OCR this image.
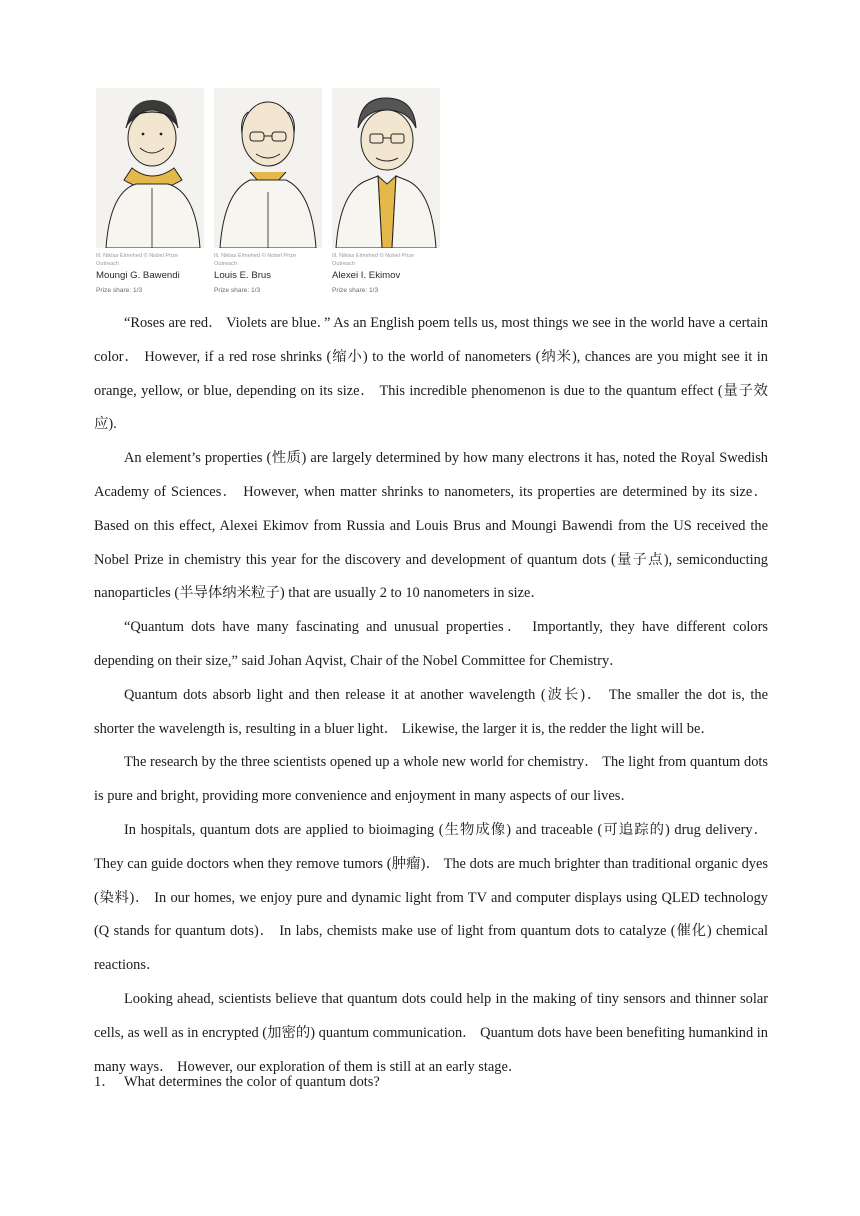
Ill. Niklas Elmehed © Nobel Prize
Outreach
Moungi G. Bawendi
Prize share: 1/3
Ill. Niklas Elmehed © Nobel Prize
Outreach
Louis E. Brus
Prize share: 1/3
Ill. Niklas Elmehed © Nobel Prize
Outreach
Alexei I. Ekimov
Prize share: 1/3

“Roses are red． Violets are blue．” As an English poem tells us, most things we see in the world have a certain color． However, if a red rose shrinks (缩小) to the world of nanometers (纳米), chances are you might see it in orange, yellow, or blue, depending on its size． This incredible phenomenon is due to the quantum effect (量子效应).

An element’s properties (性质) are largely determined by how many electrons it has, noted the Royal Swedish Academy of Sciences． However, when matter shrinks to nanometers, its properties are determined by its size． Based on this effect, Alexei Ekimov from Russia and Louis Brus and Moungi Bawendi from the US received the Nobel Prize in chemistry this year for the discovery and development of quantum dots (量子点), semiconducting nanoparticles (半导体纳米粒子) that are usually 2 to 10 nanometers in size．

“Quantum dots have many fascinating and unusual properties． Importantly, they have different colors depending on their size,” said Johan Aqvist, Chair of the Nobel Committee for Chemistry．

Quantum dots absorb light and then release it at another wavelength (波长)． The smaller the dot is, the shorter the wavelength is, resulting in a bluer light． Likewise, the larger it is, the redder the light will be．

The research by the three scientists opened up a whole new world for chemistry． The light from quantum dots is pure and bright, providing more convenience and enjoyment in many aspects of our lives．

In hospitals, quantum dots are applied to bioimaging (生物成像) and traceable (可追踪的) drug delivery． They can guide doctors when they remove tumors (肿瘤)． The dots are much brighter than traditional organic dyes (染料)． In our homes, we enjoy pure and dynamic light from TV and computer displays using QLED technology (Q stands for quantum dots)． In labs, chemists make use of light from quantum dots to catalyze (催化) chemical reactions．

Looking ahead, scientists believe that quantum dots could help in the making of tiny sensors and thinner solar cells, as well as in encrypted (加密的) quantum communication． Quantum dots have been benefiting humankind in many ways． However, our exploration of them is still at an early stage．

1． What determines the color of quantum dots?
